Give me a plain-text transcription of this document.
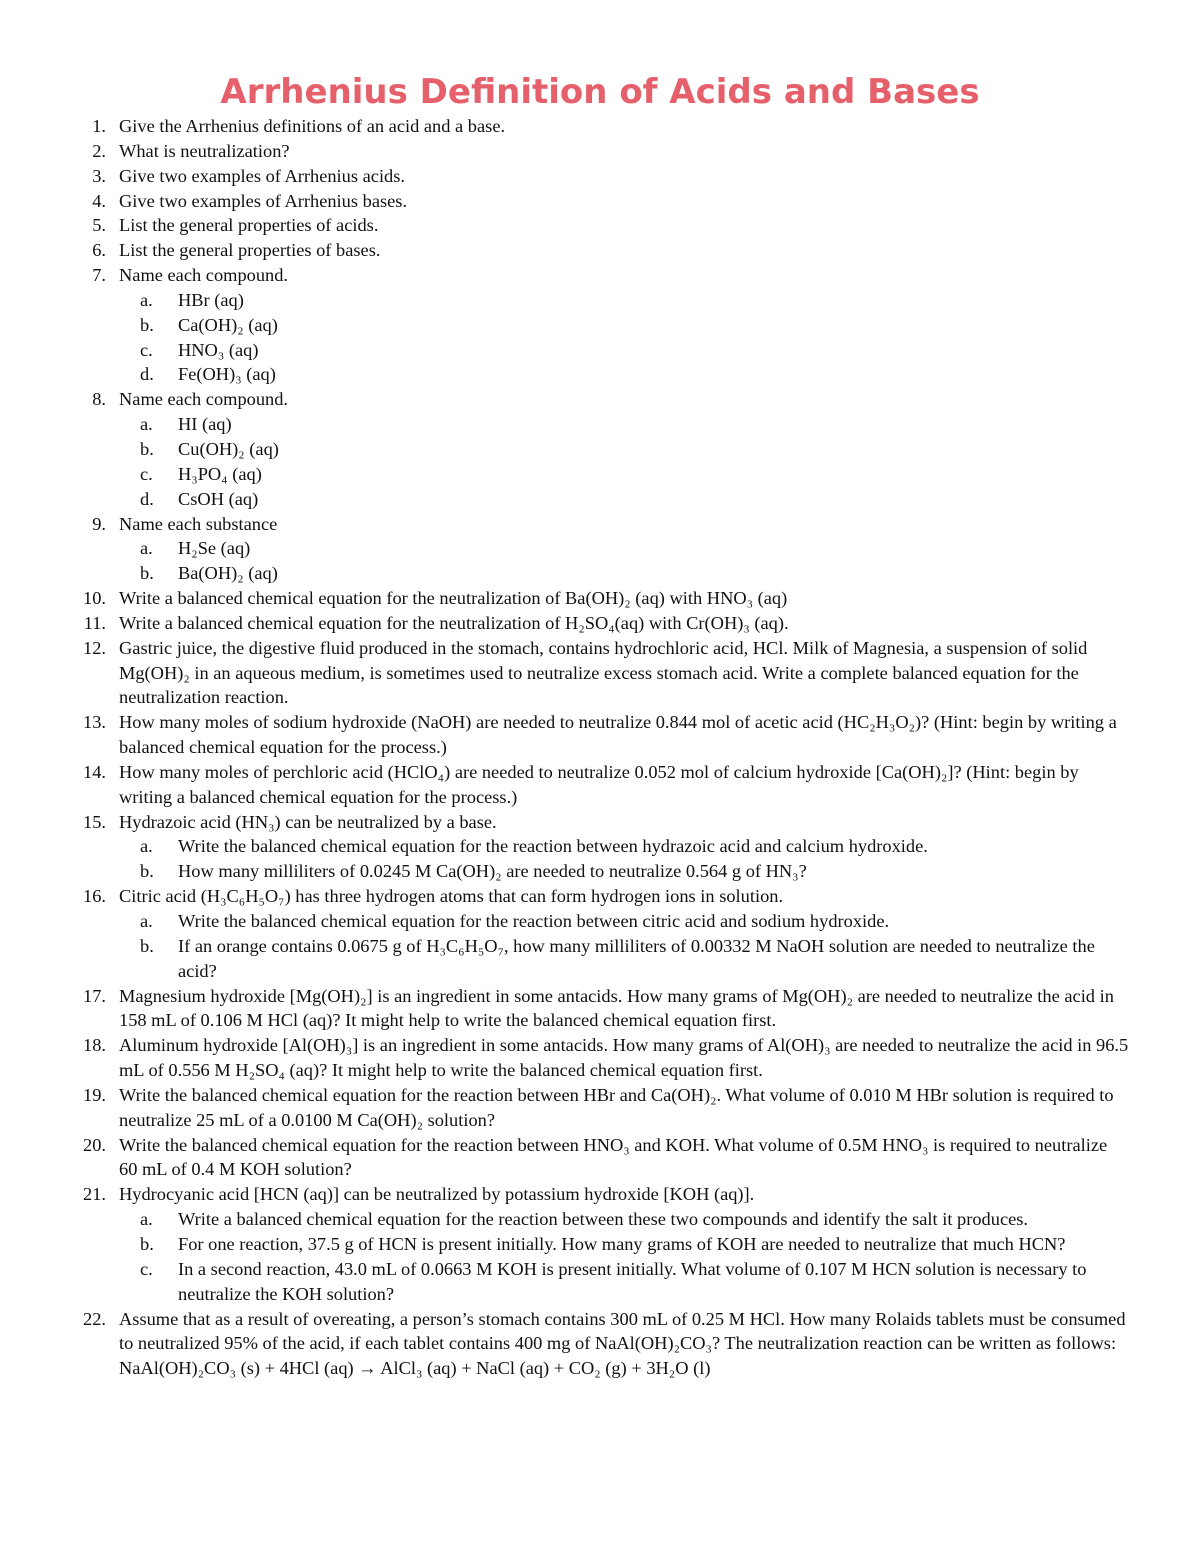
Arrhenius Definition of Acids and Bases
1. Give the Arrhenius definitions of an acid and a base.
2. What is neutralization?
3. Give two examples of Arrhenius acids.
4. Give two examples of Arrhenius bases.
5. List the general properties of acids.
6. List the general properties of bases.
7. Name each compound.
a.	HBr (aq)
b.	Ca(OH)₂ (aq)
c.	HNO₃ (aq)
d.	Fe(OH)₃ (aq)
8. Name each compound.
a.	HI (aq)
b.	Cu(OH)₂ (aq)
c.	H₃PO₄ (aq)
d.	CsOH (aq)
9. Name each substance
a.	H₂Se (aq)
b.	Ba(OH)₂ (aq)
10. Write a balanced chemical equation for the neutralization of Ba(OH)₂ (aq) with HNO₃ (aq)
11. Write a balanced chemical equation for the neutralization of H₂SO₄(aq) with Cr(OH)₃ (aq).
12. Gastric juice, the digestive fluid produced in the stomach, contains hydrochloric acid, HCl. Milk of Magnesia, a suspension of solid Mg(OH)₂ in an aqueous medium, is sometimes used to neutralize excess stomach acid. Write a complete balanced equation for the neutralization reaction.
13. How many moles of sodium hydroxide (NaOH) are needed to neutralize 0.844 mol of acetic acid (HC₂H₃O₂)? (Hint: begin by writing a balanced chemical equation for the process.)
14. How many moles of perchloric acid (HClO₄) are needed to neutralize 0.052 mol of calcium hydroxide [Ca(OH)₂]? (Hint: begin by writing a balanced chemical equation for the process.)
15. Hydrazoic acid (HN₃) can be neutralized by a base.
a.	Write the balanced chemical equation for the reaction between hydrazoic acid and calcium hydroxide.
b.	How many milliliters of 0.0245 M Ca(OH)₂ are needed to neutralize 0.564 g of HN₃?
16. Citric acid (H₃C₆H₅O₇) has three hydrogen atoms that can form hydrogen ions in solution.
a.	Write the balanced chemical equation for the reaction between citric acid and sodium hydroxide.
b.	If an orange contains 0.0675 g of H₃C₆H₅O₇, how many milliliters of 0.00332 M NaOH solution are needed to neutralize the acid?
17. Magnesium hydroxide [Mg(OH)₂] is an ingredient in some antacids. How many grams of Mg(OH)₂ are needed to neutralize the acid in 158 mL of 0.106 M HCl (aq)? It might help to write the balanced chemical equation first.
18. Aluminum hydroxide [Al(OH)₃] is an ingredient in some antacids. How many grams of Al(OH)₃ are needed to neutralize the acid in 96.5 mL of 0.556 M H₂SO₄ (aq)? It might help to write the balanced chemical equation first.
19. Write the balanced chemical equation for the reaction between HBr and Ca(OH)₂. What volume of 0.010 M HBr solution is required to neutralize 25 mL of a 0.0100 M Ca(OH)₂ solution?
20. Write the balanced chemical equation for the reaction between HNO₃ and KOH. What volume of 0.5M HNO₃ is required to neutralize 60 mL of 0.4 M KOH solution?
21. Hydrocyanic acid [HCN (aq)] can be neutralized by potassium hydroxide [KOH (aq)].
a.	Write a balanced chemical equation for the reaction between these two compounds and identify the salt it produces.
b.	For one reaction, 37.5 g of HCN is present initially. How many grams of KOH are needed to neutralize that much HCN?
c.	In a second reaction, 43.0 mL of 0.0663 M KOH is present initially. What volume of 0.107 M HCN solution is necessary to neutralize the KOH solution?
22. Assume that as a result of overeating, a person’s stomach contains 300 mL of 0.25 M HCl. How many Rolaids tablets must be consumed to neutralized 95% of the acid, if each tablet contains 400 mg of NaAl(OH)₂CO₃? The neutralization reaction can be written as follows:
NaAl(OH)₂CO₃ (s) + 4HCl (aq) → AlCl₃ (aq) + NaCl (aq) + CO₂ (g) + 3H₂O (l)
